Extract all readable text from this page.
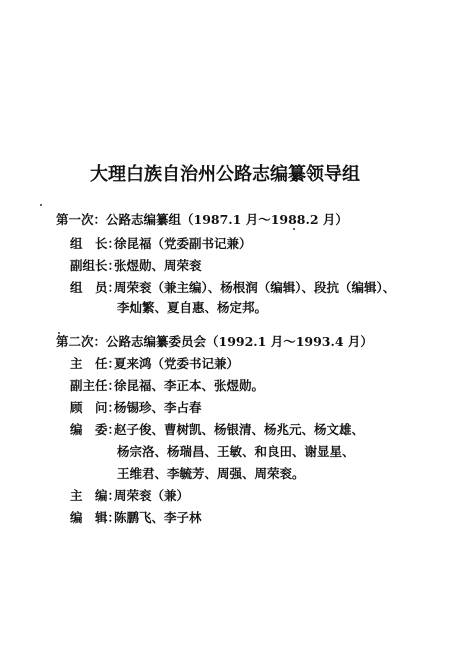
大理白族自治州公路志编纂领导组
第一次：公路志编纂组（1987.1 月～1988.2 月）
组　长：
徐昆福（党委副书记兼）
副组长：
张煜勋、周荣衮
组　员：
周荣衮（兼主编）、杨根润（编辑）、段抗（编辑）、
李灿繁、夏自惠、杨定邦。
第二次：公路志编纂委员会（1992.1 月～1993.4 月）
主　任：
夏来鸿（党委书记兼）
副主任：
徐昆福、李正本、张煜勋。
顾　问：
杨锡珍、李占春
编　委：
赵子俊、曹树凯、杨银清、杨兆元、杨文雄、
杨宗洛、杨瑞昌、王敏、和良田、谢显星、
王维君、李毓芳、周强、周荣衮。
主　编：
周荣衮（兼）
编　辑：
陈鹏飞、李子林
